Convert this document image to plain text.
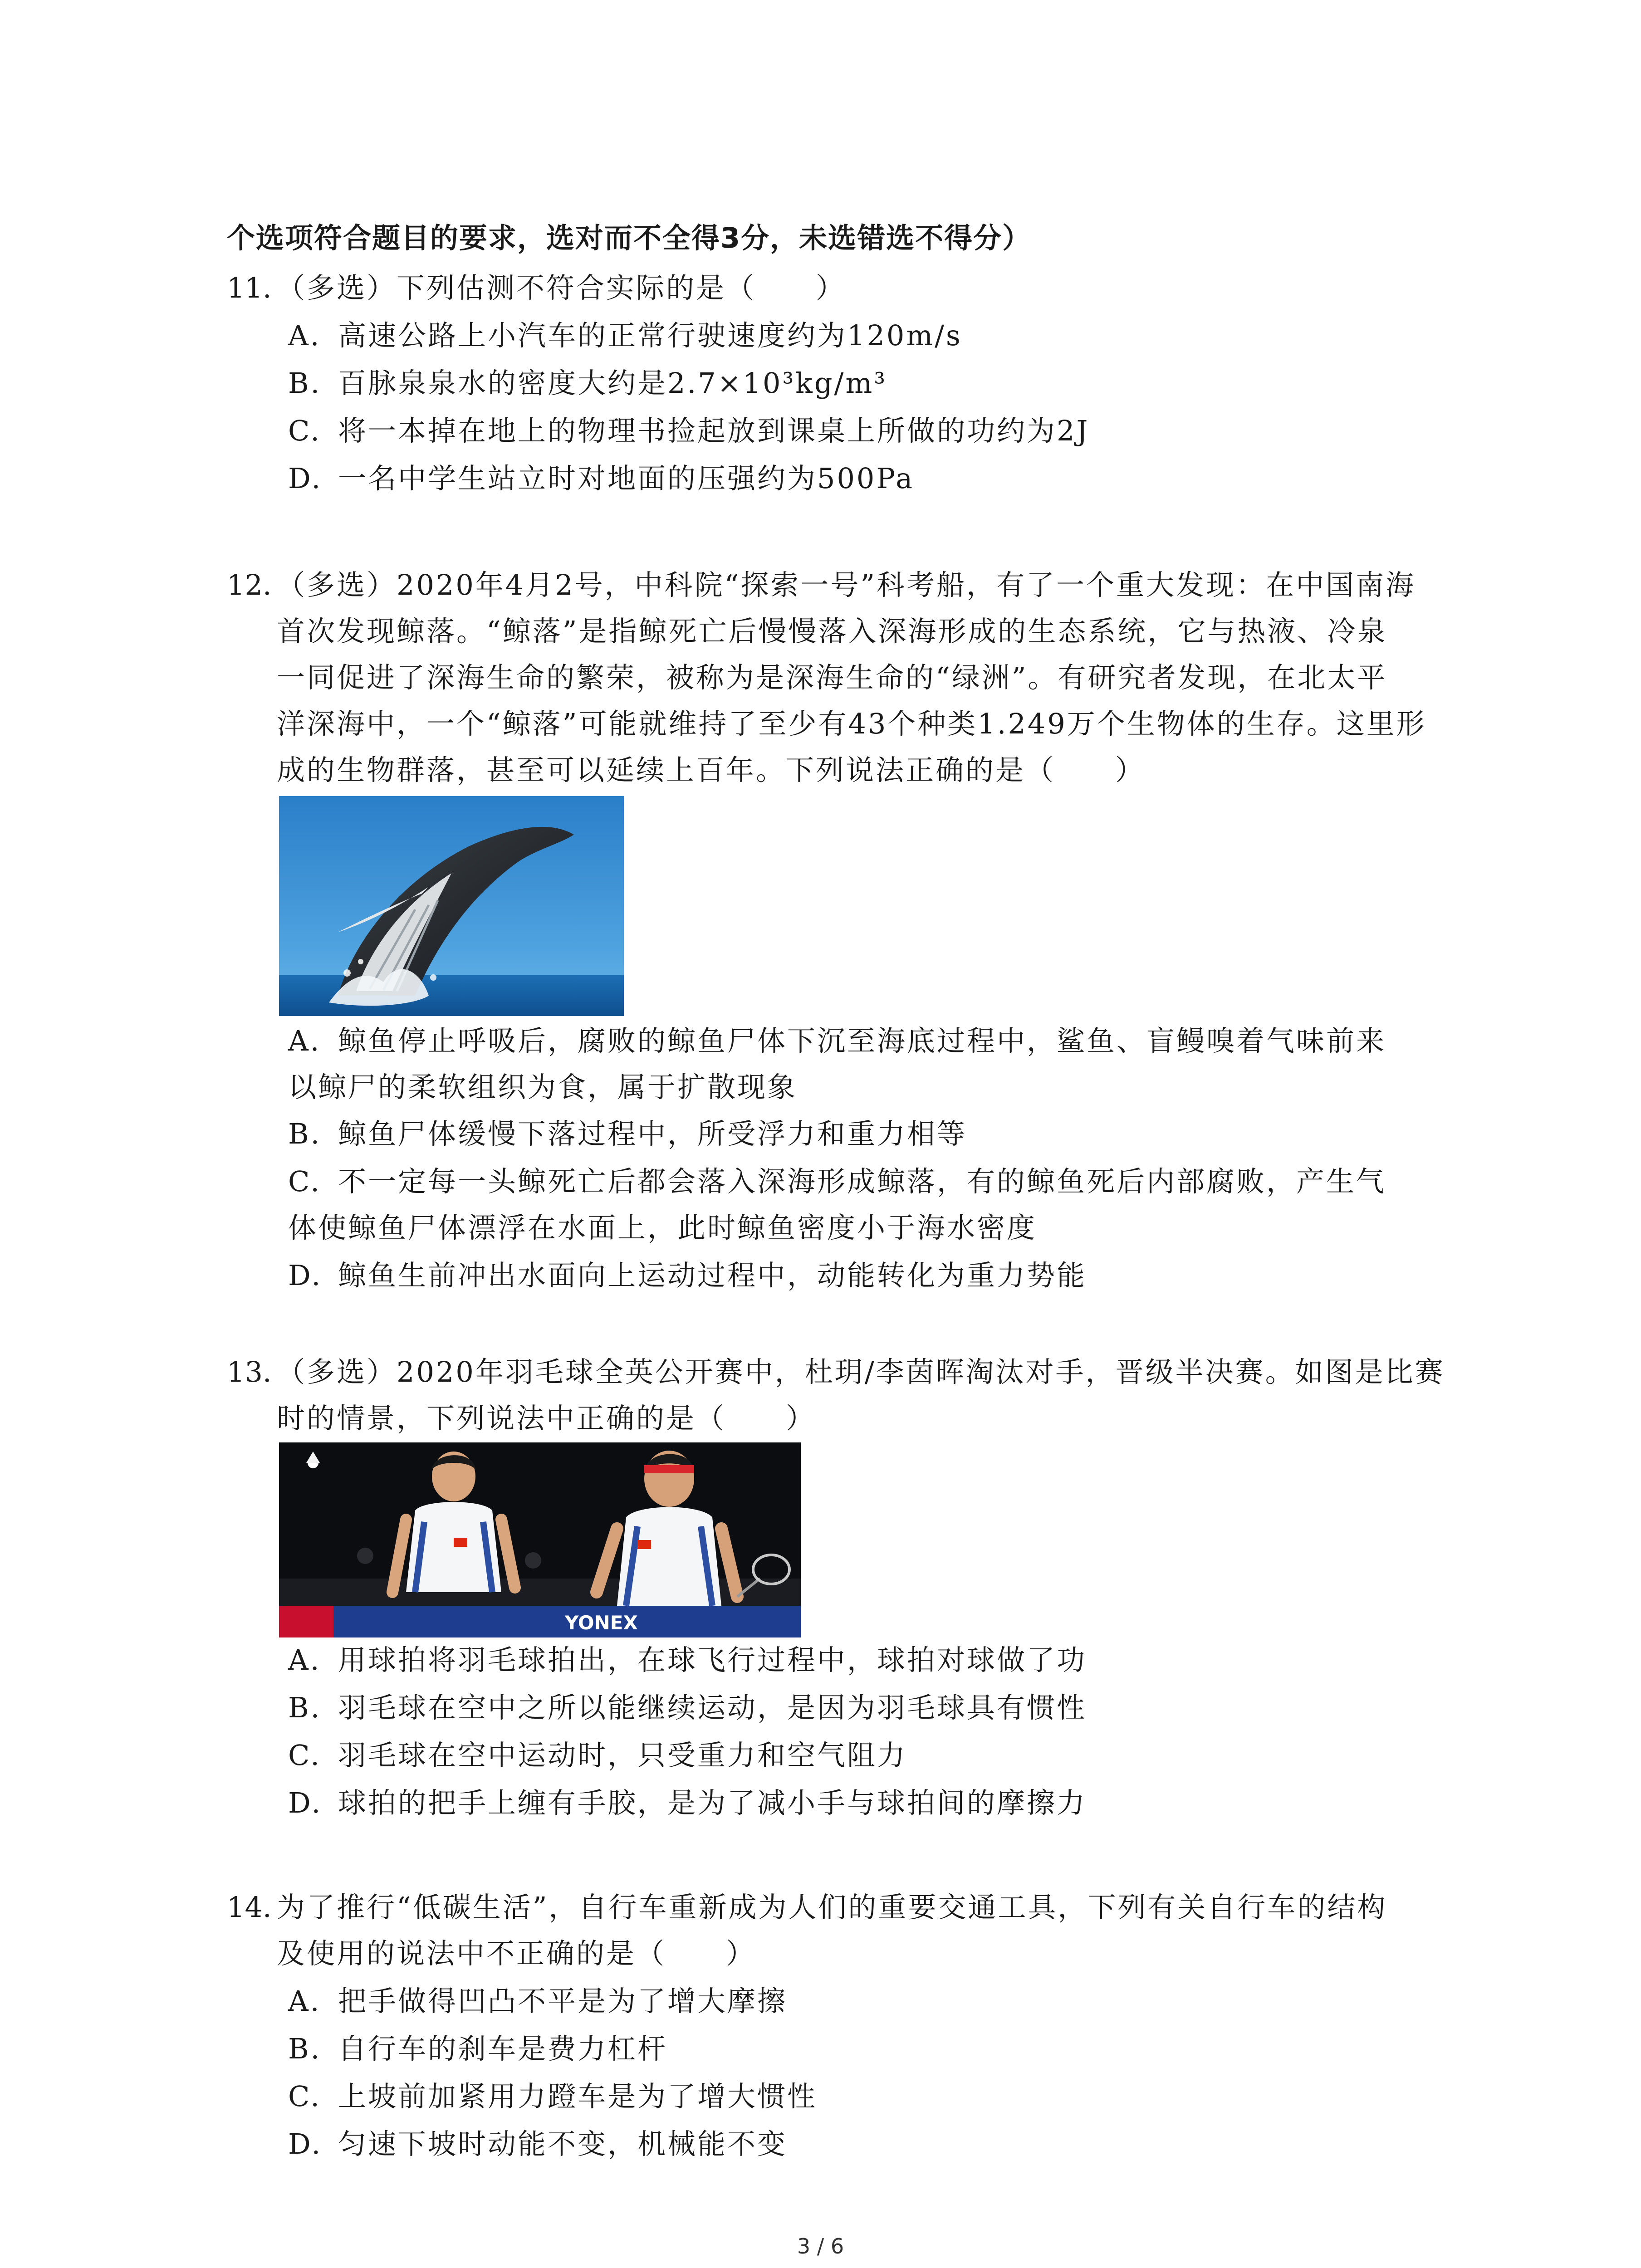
个选项符合题目的要求，选对而不全得3分，未选错选不得分）
11. （多选）下列估测不符合实际的是（　　）
A. 高速公路上小汽车的正常行驶速度约为120m/s
B. 百脉泉泉水的密度大约是2.7×10³kg/m³
C. 将一本掉在地上的物理书捡起放到课桌上所做的功约为2J
D. 一名中学生站立时对地面的压强约为500Pa
12. （多选）2020年4月2号，中科院“探索一号”科考船，有了一个重大发现：在中国南海
首次发现鲸落。“鲸落”是指鲸死亡后慢慢落入深海形成的生态系统，它与热液、冷泉
一同促进了深海生命的繁荣，被称为是深海生命的“绿洲”。有研究者发现，在北太平
洋深海中，一个“鲸落”可能就维持了至少有43个种类1.249万个生物体的生存。这里形
成的生物群落，甚至可以延续上百年。下列说法正确的是（　　）
A. 鲸鱼停止呼吸后，腐败的鲸鱼尸体下沉至海底过程中，鲨鱼、盲鳗嗅着气味前来
以鲸尸的柔软组织为食，属于扩散现象
B. 鲸鱼尸体缓慢下落过程中，所受浮力和重力相等
C. 不一定每一头鲸死亡后都会落入深海形成鲸落，有的鲸鱼死后内部腐败，产生气
体使鲸鱼尸体漂浮在水面上，此时鲸鱼密度小于海水密度
D. 鲸鱼生前冲出水面向上运动过程中，动能转化为重力势能
13. （多选）2020年羽毛球全英公开赛中，杜玥/李茵晖淘汰对手，晋级半决赛。如图是比赛
时的情景，下列说法中正确的是（　　）
YONEX
A. 用球拍将羽毛球拍出，在球飞行过程中，球拍对球做了功
B. 羽毛球在空中之所以能继续运动，是因为羽毛球具有惯性
C. 羽毛球在空中运动时，只受重力和空气阻力
D. 球拍的把手上缠有手胶，是为了减小手与球拍间的摩擦力
14. 为了推行“低碳生活”，自行车重新成为人们的重要交通工具，下列有关自行车的结构
及使用的说法中不正确的是（　　）
A. 把手做得凹凸不平是为了增大摩擦
B. 自行车的刹车是费力杠杆
C. 上坡前加紧用力蹬车是为了增大惯性
D. 匀速下坡时动能不变，机械能不变
3 / 6
